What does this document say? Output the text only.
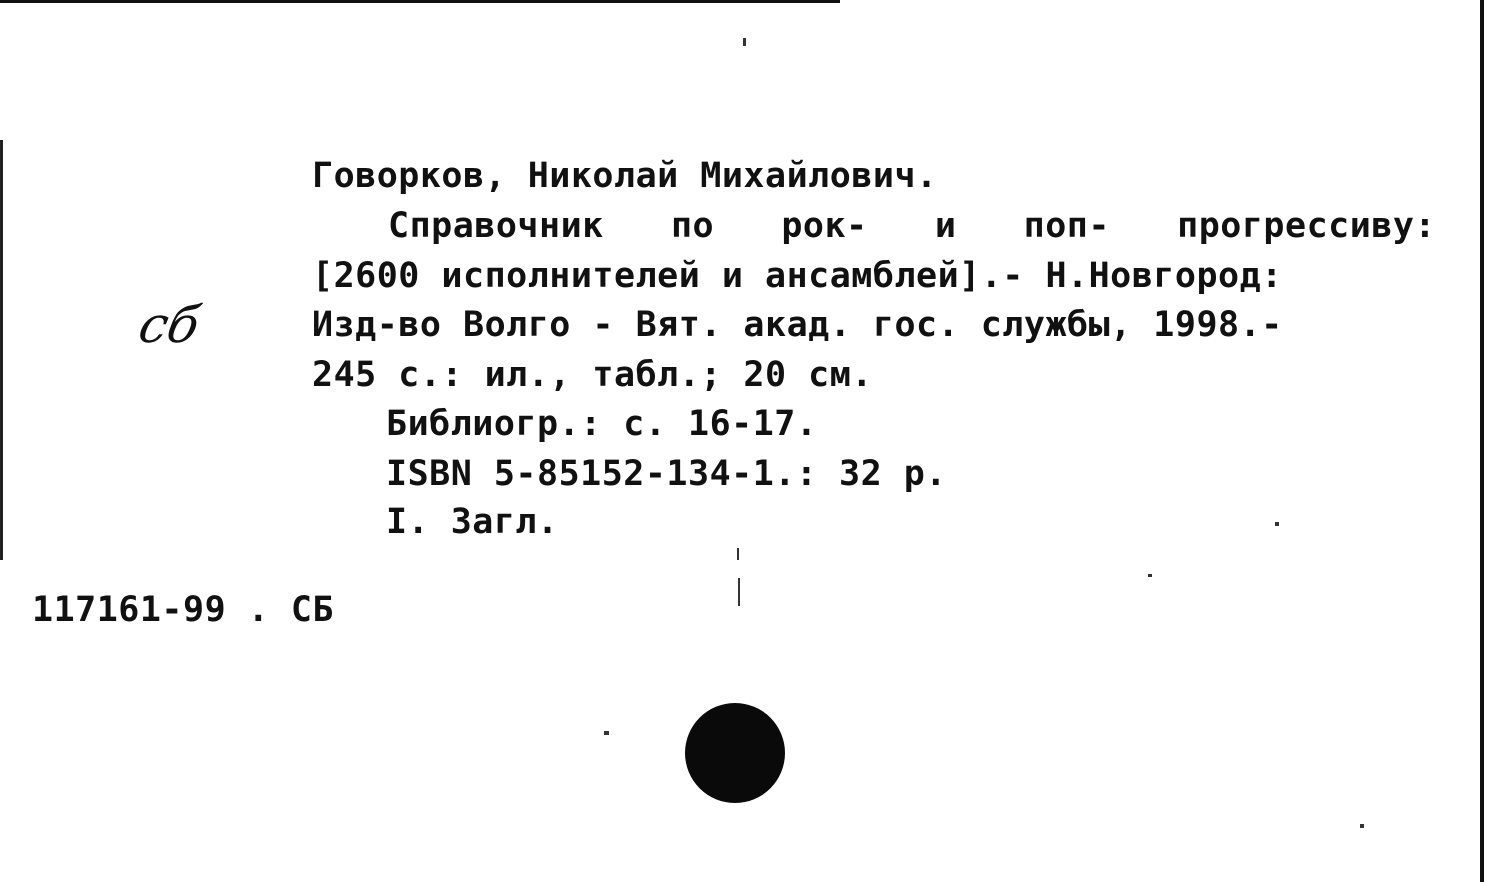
Говорков, Николай Михайлович.
Справочник по рок- и поп- прогрессиву:
[2600 исполнителей и ансамблей].- Н.Новгород:
Изд-во Волго - Вят. акад. гос. службы, 1998.-
245 с.: ил., табл.; 20 см.
Библиогр.: с. 16-17.
ISBN 5-85152-134-1.: 32 р.
I. Загл.
сб
117161-99 . СБ
